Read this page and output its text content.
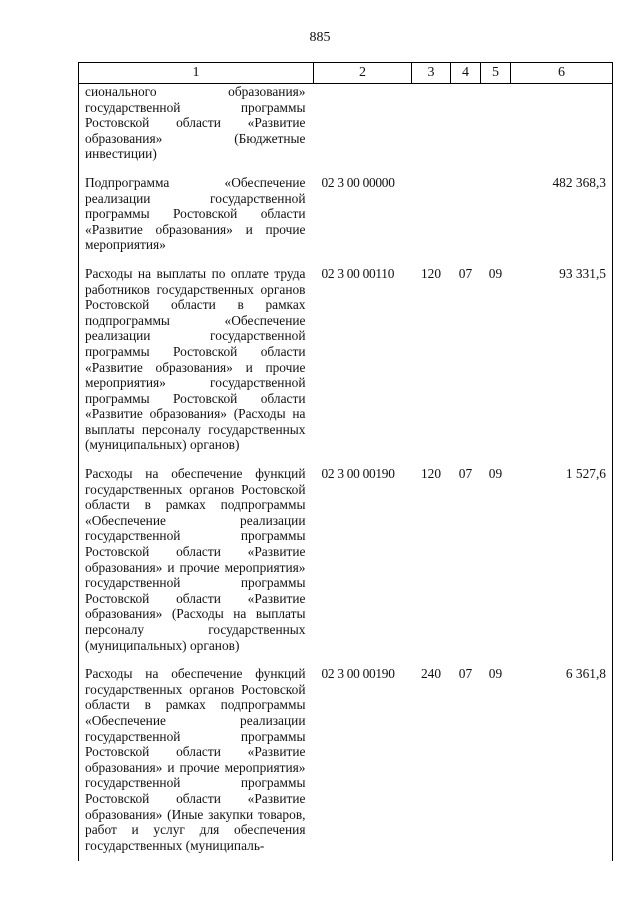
885
1	2	3	4	5	6
сионального образования» государственной программы Ростовской области «Развитие образования» (Бюджетные инвестиции)					
Подпрограмма «Обеспечение реализации государственной программы Ростовской области «Развитие образования» и прочие мероприятия»	02 3 00 00000				482 368,3
Расходы на выплаты по оплате труда работников государственных органов Ростовской области в рамках подпрограммы «Обеспечение реализации государственной программы Ростовской области «Развитие образования» и прочие мероприятия» государственной программы Ростовской области «Развитие образования» (Расходы на выплаты персоналу государственных (муниципальных) органов)	02 3 00 00110	120	07	09	93 331,5
Расходы на обеспечение функций государственных органов Ростовской области в рамках подпрограммы «Обеспечение реализации государственной программы Ростовской области «Развитие образования» и прочие мероприятия» государственной программы Ростовской области «Развитие образования» (Расходы на выплаты персоналу государственных (муниципальных) органов)	02 3 00 00190	120	07	09	1 527,6
Расходы на обеспечение функций государственных органов Ростовской области в рамках подпрограммы «Обеспечение реализации государственной программы Ростовской области «Развитие образования» и прочие мероприятия» государственной программы Ростовской области «Развитие образования» (Иные закупки товаров, работ и услуг для обеспечения государственных (муниципаль-	02 3 00 00190	240	07	09	6 361,8
